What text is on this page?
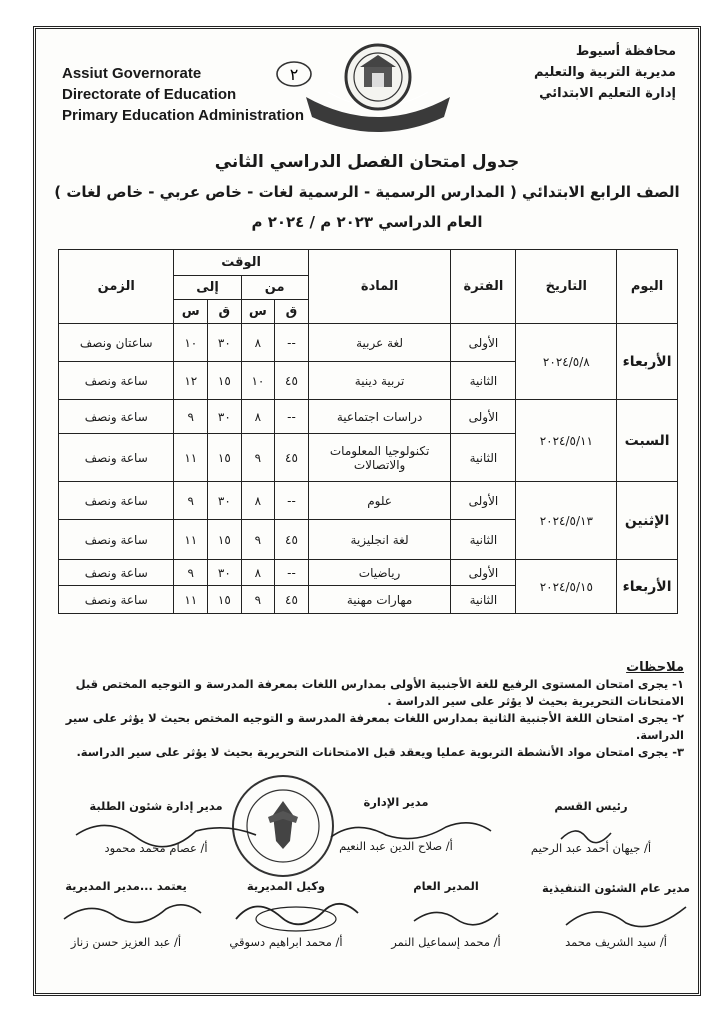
Assiut Governorate
Directorate of Education
Primary Education Administration
٢
محافظة أسيوط
مديرية التربية والتعليم
إدارة التعليم الابتدائي
جدول امتحان الفصل الدراسي الثاني
الصف الرابع الابتدائي ( المدارس الرسمية - الرسمية لغات - خاص عربي - خاص لغات )
العام الدراسي ٢٠٢٣ م / ٢٠٢٤ م
اليوم	التاريخ	الفترة	المادة	الوقت				الزمن
				من		إلى		
				ق	س	ق	س	
الأربعاء	٢٠٢٤/٥/٨	الأولى	لغة عربية	--	٨	٣٠	١٠	ساعتان ونصف
		الثانية	تربية دينية	٤٥	١٠	١٥	١٢	ساعة ونصف
السبت	٢٠٢٤/٥/١١	الأولى	دراسات اجتماعية	--	٨	٣٠	٩	ساعة ونصف
		الثانية	تكنولوجيا المعلومات والاتصالات	٤٥	٩	١٥	١١	ساعة ونصف
الإثنين	٢٠٢٤/٥/١٣	الأولى	علوم	--	٨	٣٠	٩	ساعة ونصف
		الثانية	لغة انجليزية	٤٥	٩	١٥	١١	ساعة ونصف
الأربعاء	٢٠٢٤/٥/١٥	الأولى	رياضيات	--	٨	٣٠	٩	ساعة ونصف
		الثانية	مهارات مهنية	٤٥	٩	١٥	١١	ساعة ونصف
ملاحظات
١- يجرى امتحان المستوى الرفيع للغة الأجنبية الأولى بمدارس اللغات بمعرفة المدرسة و التوجيه المختص قبل الامتحانات التحريرية بحيث لا يؤثر على سير الدراسة .
٢- يجرى امتحان اللغة الأجنبية الثانية بمدارس اللغات بمعرفة المدرسة و التوجيه المختص بحيث لا يؤثر على سير الدراسة.
٣- يجرى امتحان مواد الأنشطة التربوية عمليا ويعقد قبل الامتحانات التحريرية بحيث لا يؤثر على سير الدراسة.
رئيس القسم
أ/ جيهان أحمد عبد الرحيم
مدير الإدارة
أ/ صلاح الدين عبد النعيم
مدير إدارة شئون الطلبة
أ/ عصام محمد محمود
مدير عام الشئون التنفيذية
أ/ سيد الشريف محمد
المدير العام
أ/ محمد إسماعيل النمر
وكيل المديرية
أ/ محمد ابراهيم دسوقي
يعتمد ...مدير المديرية
أ/ عبد العزيز حسن زناز
